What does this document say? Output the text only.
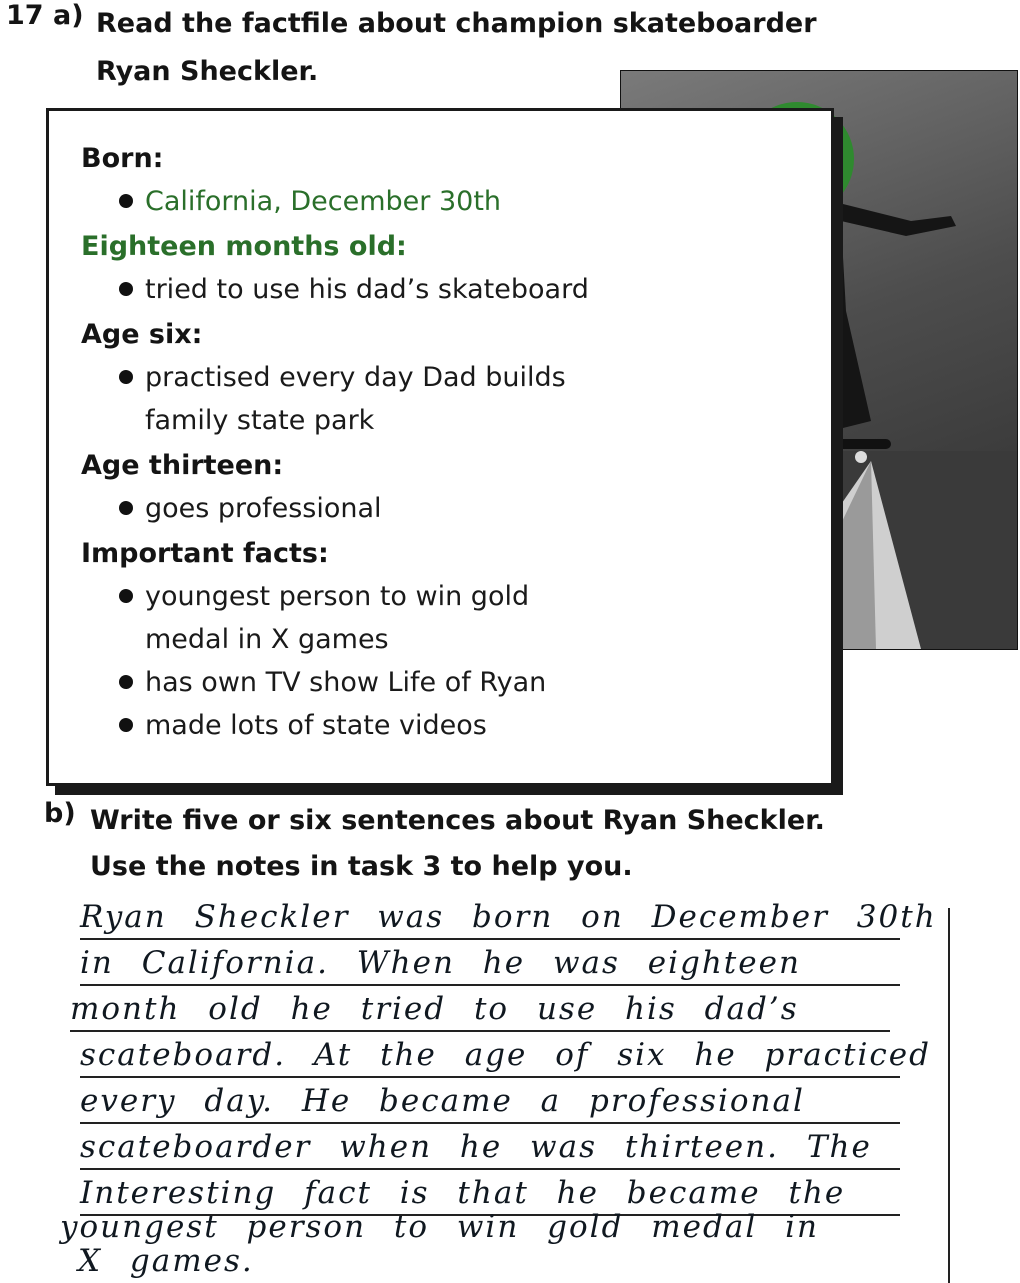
17 a) Read the factfile about champion skateboarder Ryan Sheckler.
Born:
California, December 30th
Eighteen months old:
tried to use his dad’s skateboard
Age six:
practised every day Dad builds family state park
Age thirteen:
goes professional
Important facts:
youngest person to win gold medal in X games
has own TV show Life of Ryan
made lots of state videos
b) Write five or six sentences about Ryan Sheckler. Use the notes in task 3 to help you.
Ryan Sheckler was born on December 30th
in California. When he was eighteen
month old he tried to use his dad’s
scateboard. At the age of six he practiced
every day. He became a professional
scateboarder when he was thirteen. The
Interesting fact is that he became the
youngest person to win gold medal in
X games.
